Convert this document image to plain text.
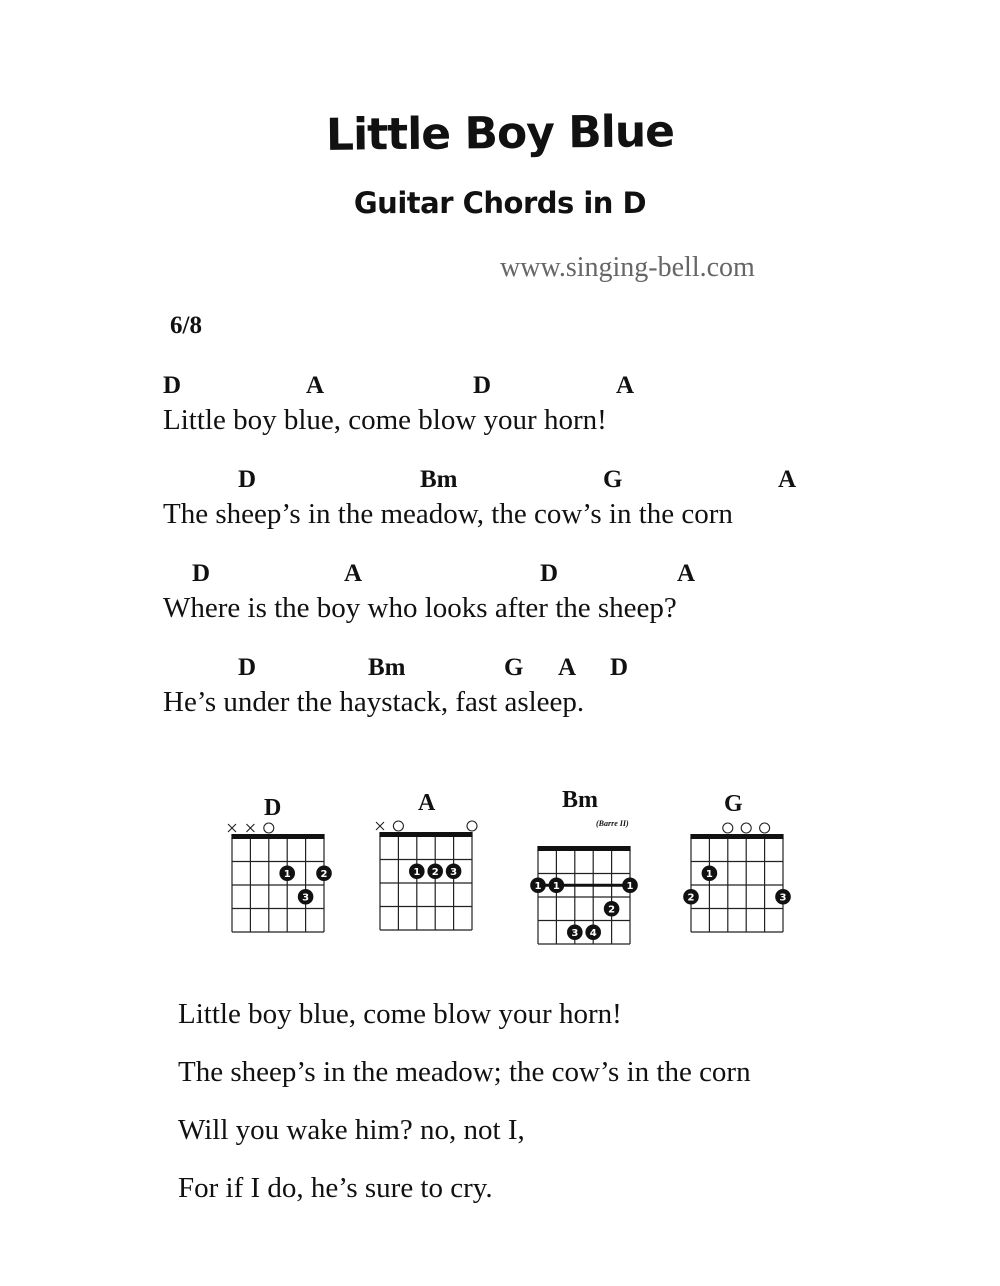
Little Boy Blue
Guitar Chords in D
www.singing-bell.com
6/8
D	A	D	A
Little boy blue, come blow your horn!
D	Bm	G	A
The sheep’s in the meadow, the cow’s in the corn
D	A	D	A
Where is the boy who looks after the sheep?
D	Bm	G A D
He’s under the haystack, fast asleep.
D
1	2
3
A
1 2 3
Bm
(Barre II)
1 1	1
2
3 4
G
1
2	3
Little boy blue, come blow your horn!
The sheep’s in the meadow; the cow’s in the corn
Will you wake him? no, not I,
For if I do, he’s sure to cry.
